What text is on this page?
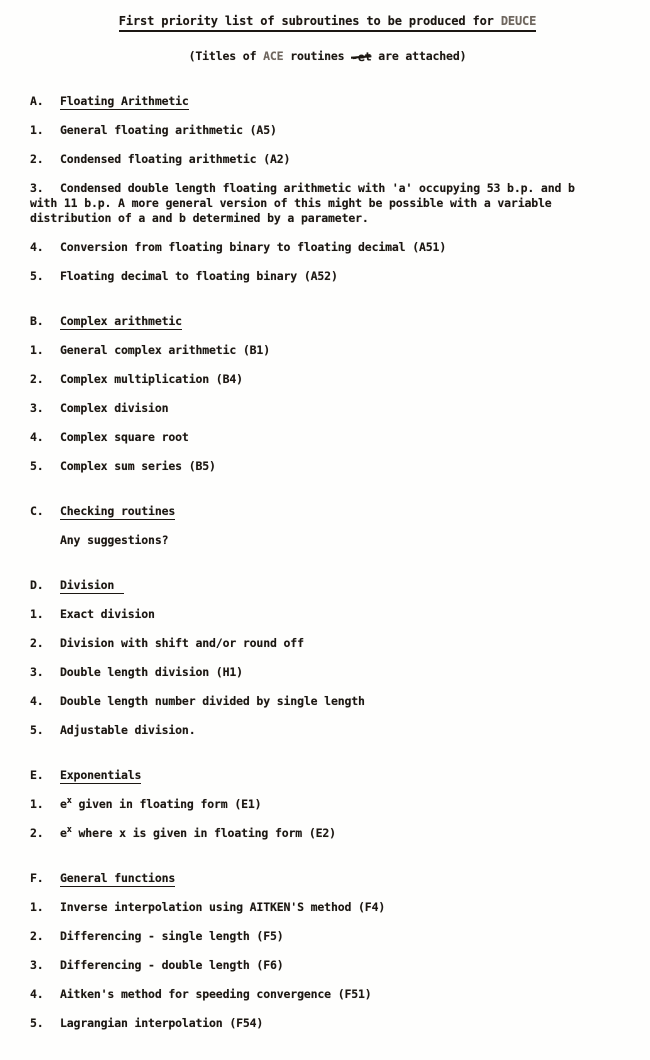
First priority list of subroutines to be produced for DEUCE

(Titles of ACE routines -et are attached)

A. Floating Arithmetic

1. General floating arithmetic (A5)

2. Condensed floating arithmetic (A2)

3. Condensed double length floating arithmetic with 'a' occupying 53 b.p. and b with 11 b.p. A more general version of this might be possible with a variable distribution of a and b determined by a parameter.

4. Conversion from floating binary to floating decimal (A51)

5. Floating decimal to floating binary (A52)

B. Complex arithmetic

1. General complex arithmetic (B1)

2. Complex multiplication (B4)

3. Complex division

4. Complex square root

5. Complex sum series (B5)

C. Checking routines

Any suggestions?

D. Division

1. Exact division

2. Division with shift and/or round off

3. Double length division (H1)

4. Double length number divided by single length

5. Adjustable division.

E. Exponentials

1. $e^x$ given in floating form (E1)

2. $e^x$ where x is given in floating form (E2)

F. General functions

1. Inverse interpolation using AITKEN'S method (F4)

2. Differencing - single length (F5)

3. Differencing - double length (F6)

4. Aitken's method for speeding convergence (F51)

5. Lagrangian interpolation (F54)
